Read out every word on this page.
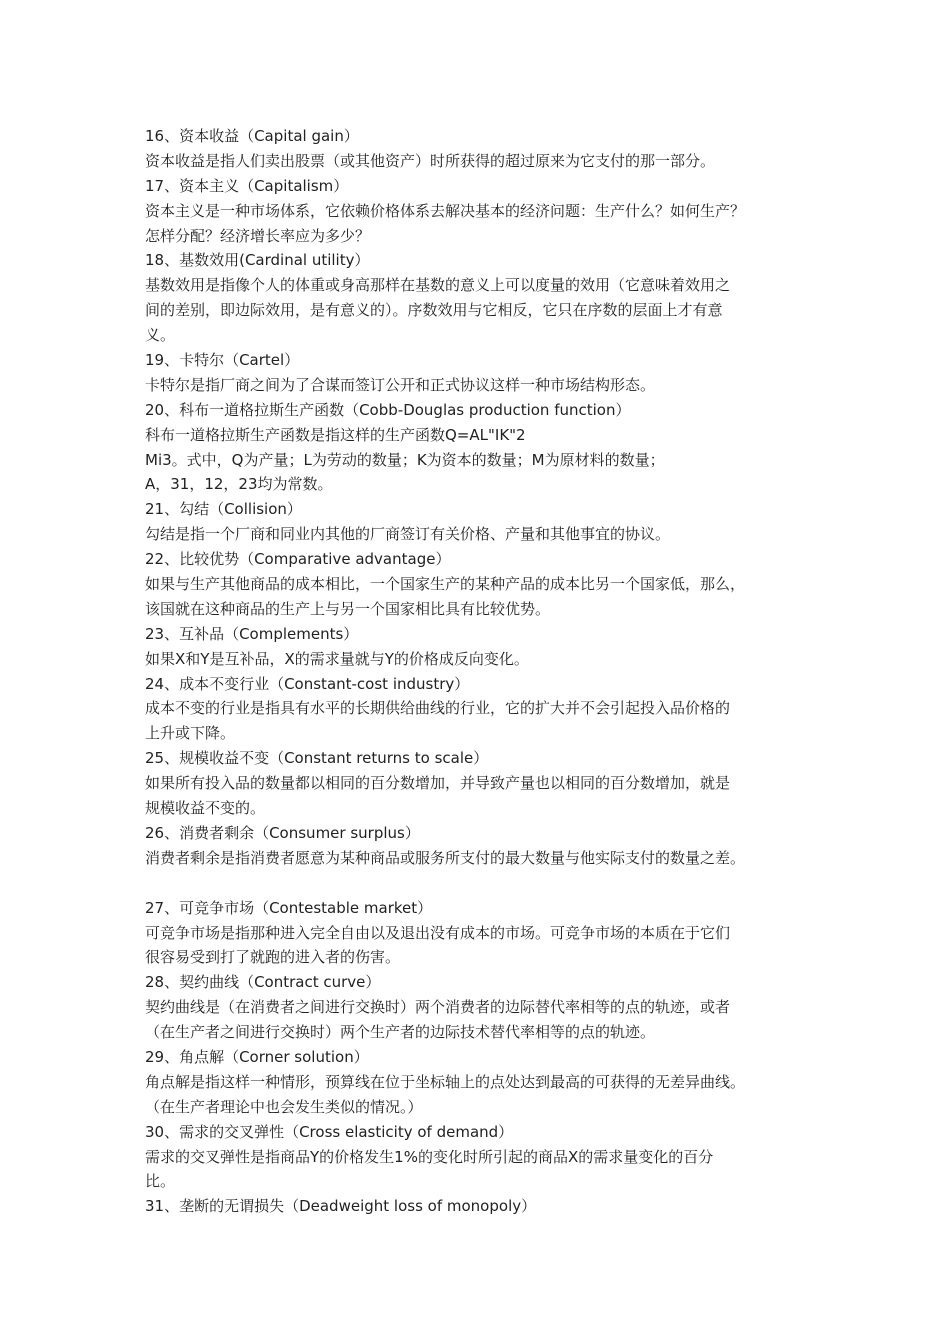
16、资本收益（Capital gain）
资本收益是指人们卖出股票（或其他资产）时所获得的超过原来为它支付的那一部分。
17、资本主义（Capitalism）
资本主义是一种市场体系，它依赖价格体系去解决基本的经济问题：生产什么？如何生产？
怎样分配？经济增长率应为多少？
18、基数效用(Cardinal utility）
基数效用是指像个人的体重或身高那样在基数的意义上可以度量的效用（它意味着效用之
间的差别，即边际效用，是有意义的）。序数效用与它相反，它只在序数的层面上才有意
义。
19、卡特尔（Cartel）
卡特尔是指厂商之间为了合谋而签订公开和正式协议这样一种市场结构形态。
20、科布一道格拉斯生产函数（Cobb-Douglas production function）
科布一道格拉斯生产函数是指这样的生产函数Q=AL"IK"2
Mi3。式中，Q为产量；L为劳动的数量；K为资本的数量；M为原材料的数量；
A，31，12，23均为常数。
21、勾结（Collision）
勾结是指一个厂商和同业内其他的厂商签订有关价格、产量和其他事宜的协议。
22、比较优势（Comparative advantage）
如果与生产其他商品的成本相比，一个国家生产的某种产品的成本比另一个国家低，那么，
该国就在这种商品的生产上与另一个国家相比具有比较优势。
23、互补品（Complements）
如果X和Y是互补品，X的需求量就与Y的价格成反向变化。
24、成本不变行业（Constant-cost industry）
成本不变的行业是指具有水平的长期供给曲线的行业，它的扩大并不会引起投入品价格的
上升或下降。
25、规模收益不变（Constant returns to scale）
如果所有投入品的数量都以相同的百分数增加，并导致产量也以相同的百分数增加，就是
规模收益不变的。
26、消费者剩余（Consumer surplus）
消费者剩余是指消费者愿意为某种商品或服务所支付的最大数量与他实际支付的数量之差。
27、可竞争市场（Contestable market）
可竞争市场是指那种进入完全自由以及退出没有成本的市场。可竞争市场的本质在于它们
很容易受到打了就跑的进入者的伤害。
28、契约曲线（Contract curve）
契约曲线是（在消费者之间进行交换时）两个消费者的边际替代率相等的点的轨迹，或者
（在生产者之间进行交换时）两个生产者的边际技术替代率相等的点的轨迹。
29、角点解（Corner solution）
角点解是指这样一种情形，预算线在位于坐标轴上的点处达到最高的可获得的无差异曲线。
（在生产者理论中也会发生类似的情况。）
30、需求的交叉弹性（Cross elasticity of demand）
需求的交叉弹性是指商品Y的价格发生1%的变化时所引起的商品X的需求量变化的百分
比。
31、垄断的无谓损失（Deadweight loss of monopoly）
